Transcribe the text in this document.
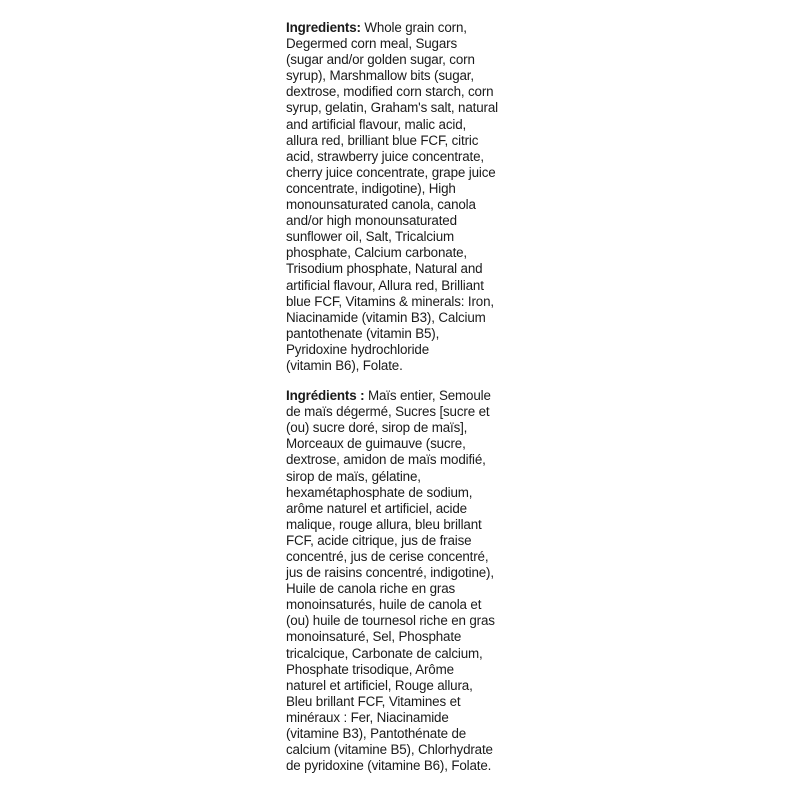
Ingredients: Whole grain corn,
Degermed corn meal, Sugars
(sugar and/or golden sugar, corn
syrup), Marshmallow bits (sugar,
dextrose, modified corn starch, corn
syrup, gelatin, Graham's salt, natural
and artificial flavour, malic acid,
allura red, brilliant blue FCF, citric
acid, strawberry juice concentrate,
cherry juice concentrate, grape juice
concentrate, indigotine), High
monounsaturated canola, canola
and/or high monounsaturated
sunflower oil, Salt, Tricalcium
phosphate, Calcium carbonate,
Trisodium phosphate, Natural and
artificial flavour, Allura red, Brilliant
blue FCF, Vitamins & minerals: Iron,
Niacinamide (vitamin B3), Calcium
pantothenate (vitamin B5),
Pyridoxine hydrochloride
(vitamin B6), Folate.
Ingrédients : Maïs entier, Semoule
de maïs dégermé, Sucres [sucre et
(ou) sucre doré, sirop de maïs],
Morceaux de guimauve (sucre,
dextrose, amidon de maïs modifié,
sirop de maïs, gélatine,
hexamétaphosphate de sodium,
arôme naturel et artificiel, acide
malique, rouge allura, bleu brillant
FCF, acide citrique, jus de fraise
concentré, jus de cerise concentré,
jus de raisins concentré, indigotine),
Huile de canola riche en gras
monoinsaturés, huile de canola et
(ou) huile de tournesol riche en gras
monoinsaturé, Sel, Phosphate
tricalcique, Carbonate de calcium,
Phosphate trisodique, Arôme
naturel et artificiel, Rouge allura,
Bleu brillant FCF, Vitamines et
minéraux : Fer, Niacinamide
(vitamine B3), Pantothénate de
calcium (vitamine B5), Chlorhydrate
de pyridoxine (vitamine B6), Folate.
